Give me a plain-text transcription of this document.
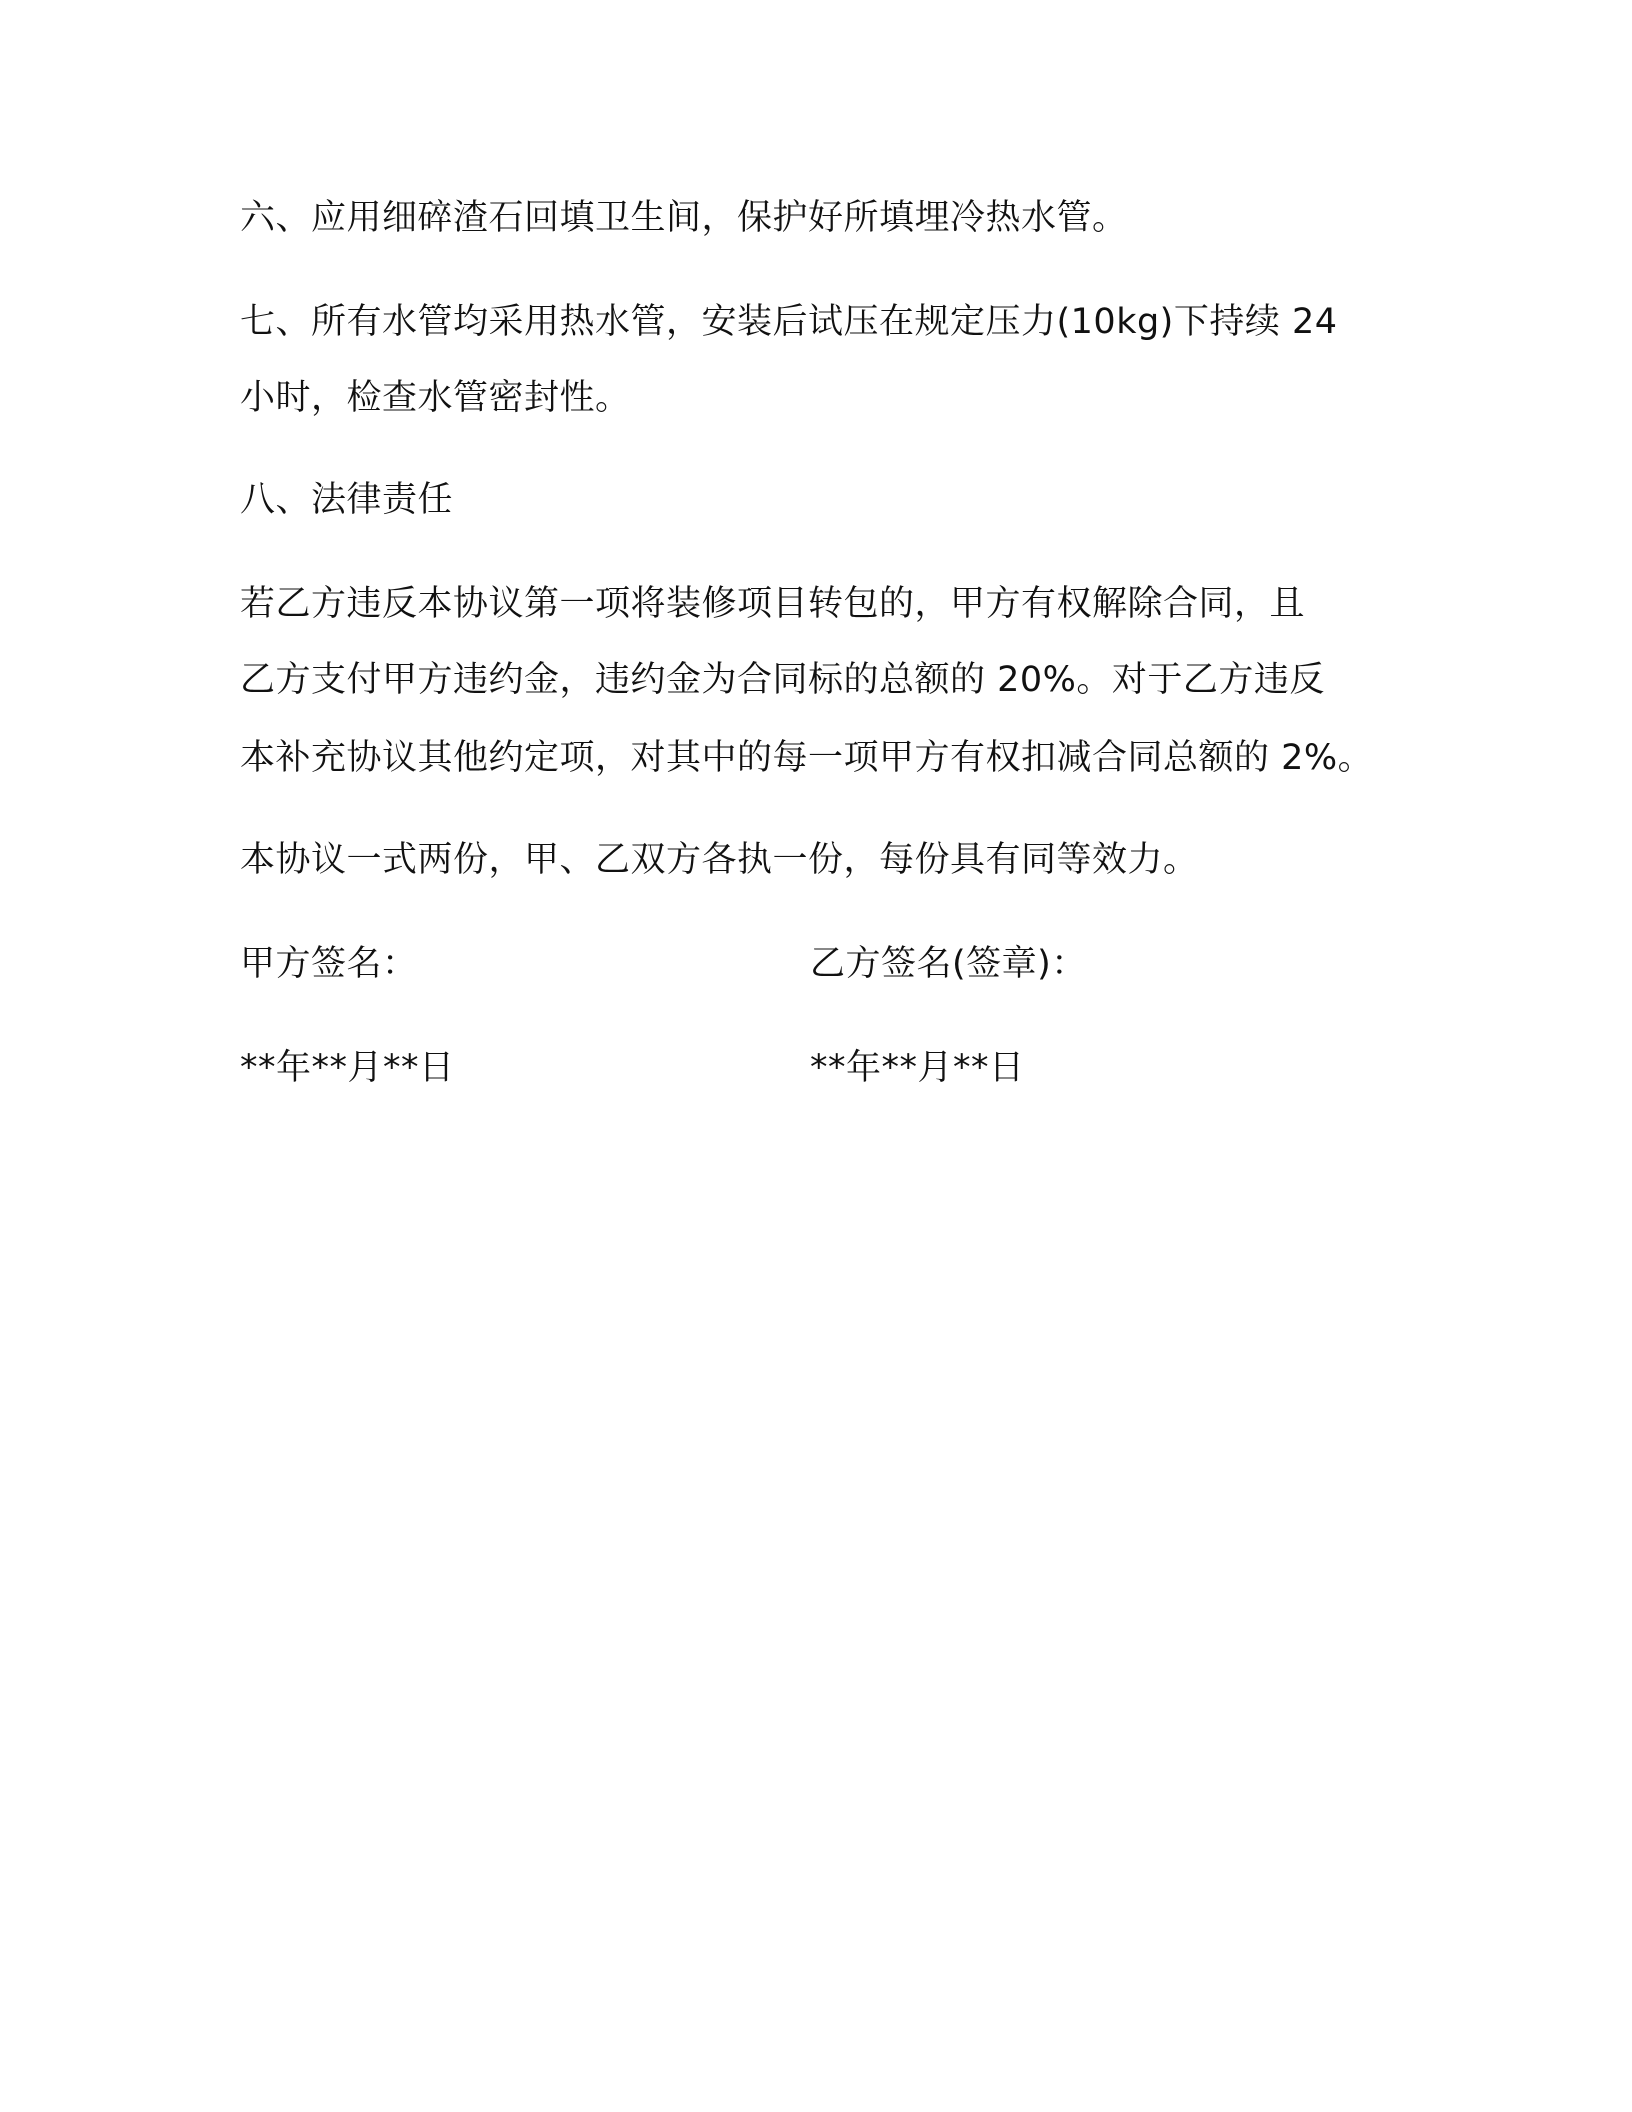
六、应用细碎渣石回填卫生间，保护好所填埋冷热水管。
七、所有水管均采用热水管，安装后试压在规定压力(10kg)下持续 24
小时，检查水管密封性。
八、法律责任
若乙方违反本协议第一项将装修项目转包的，甲方有权解除合同，且
乙方支付甲方违约金，违约金为合同标的总额的 20%。对于乙方违反
本补充协议其他约定项，对其中的每一项甲方有权扣减合同总额的 2%。
本协议一式两份，甲、乙双方各执一份，每份具有同等效力。
甲方签名：	乙方签名(签章)：
**年**月**日	**年**月**日
